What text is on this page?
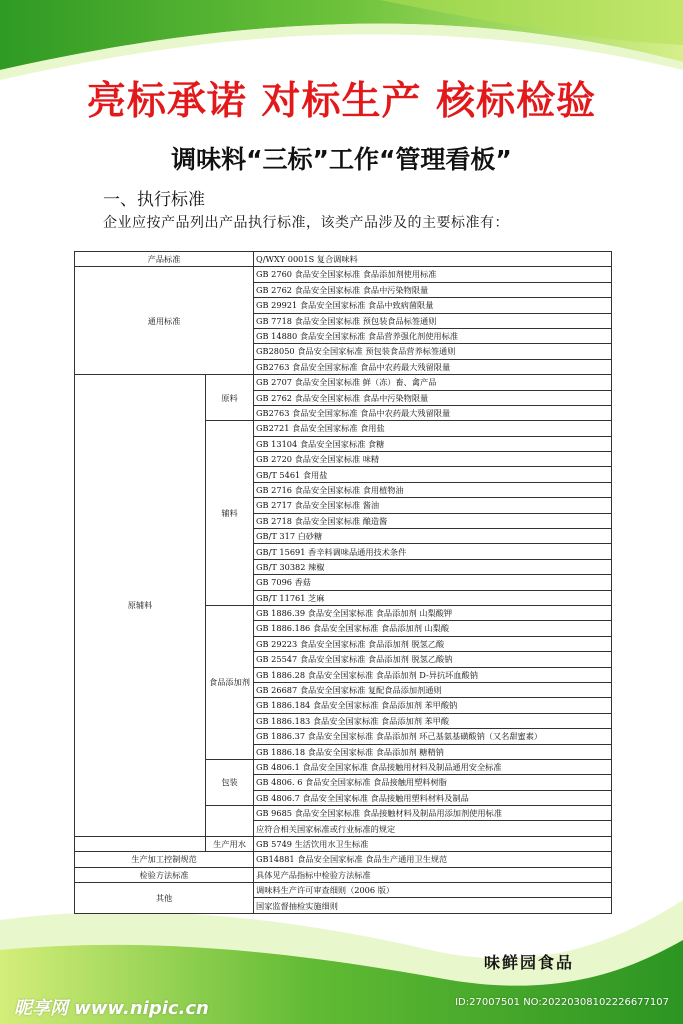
亮标承诺 对标生产 核标检验
调味料“三标”工作“管理看板”
一、执行标准
企业应按产品列出产品执行标准，该类产品涉及的主要标准有：
产品标准		Q/WXY 0001S 复合调味料
通用标准		GB 2760 食品安全国家标准 食品添加剂使用标准
		GB 2762 食品安全国家标准 食品中污染物限量
		GB 29921 食品安全国家标准 食品中致病菌限量
		GB 7718 食品安全国家标准 预包装食品标签通则
		GB 14880 食品安全国家标准 食品营养强化剂使用标准
		GB28050 食品安全国家标准 预包装食品营养标签通则
		GB2763 食品安全国家标准 食品中农药最大残留限量
原辅料	原料	GB 2707 食品安全国家标准 鲜（冻）畜、禽产品
		GB 2762 食品安全国家标准 食品中污染物限量
		GB2763 食品安全国家标准 食品中农药最大残留限量
	辅料	GB2721 食品安全国家标准 食用盐
		GB 13104 食品安全国家标准 食糖
		GB 2720 食品安全国家标准 味精
		GB/T 5461 食用盐
		GB 2716 食品安全国家标准 食用植物油
		GB 2717 食品安全国家标准 酱油
		GB 2718 食品安全国家标准 酿造酱
		GB/T 317 白砂糖
		GB/T 15691 香辛料调味品通用技术条件
		GB/T 30382 辣椒
		GB 7096 香菇
		GB/T 11761 芝麻
	食品添加剂	GB 1886.39 食品安全国家标准 食品添加剂 山梨酸钾
		GB 1886.186 食品安全国家标准 食品添加剂 山梨酸
		GB 29223 食品安全国家标准 食品添加剂 脱氢乙酸
		GB 25547 食品安全国家标准 食品添加剂 脱氢乙酸钠
		GB 1886.28 食品安全国家标准 食品添加剂 D-异抗坏血酸钠
		GB 26687 食品安全国家标准 复配食品添加剂通则
		GB 1886.184 食品安全国家标准 食品添加剂 苯甲酸钠
		GB 1886.183 食品安全国家标准 食品添加剂 苯甲酸
		GB 1886.37 食品安全国家标准 食品添加剂 环己基氨基磺酸钠（又名甜蜜素）
		GB 1886.18 食品安全国家标准 食品添加剂 糖精钠
	包装	GB 4806.1 食品安全国家标准 食品接触用材料及制品通用安全标准
		GB 4806. 6 食品安全国家标准 食品接触用塑料树脂
		GB 4806.7 食品安全国家标准 食品接触用塑料材料及制品
		GB 9685 食品安全国家标准 食品接触材料及制品用添加剂使用标准
		应符合相关国家标准或行业标准的规定
	生产用水	GB 5749 生活饮用水卫生标准
生产加工控制规范		GB14881 食品安全国家标准 食品生产通用卫生规范
检验方法标准		具体见产品指标中检验方法标准
其他		调味料生产许可审查细则（2006 版）
		国家监督抽检实施细则
味鲜园食品
昵享网 www.nipic.cn	ID:27007501 NO:20220308102226677107
